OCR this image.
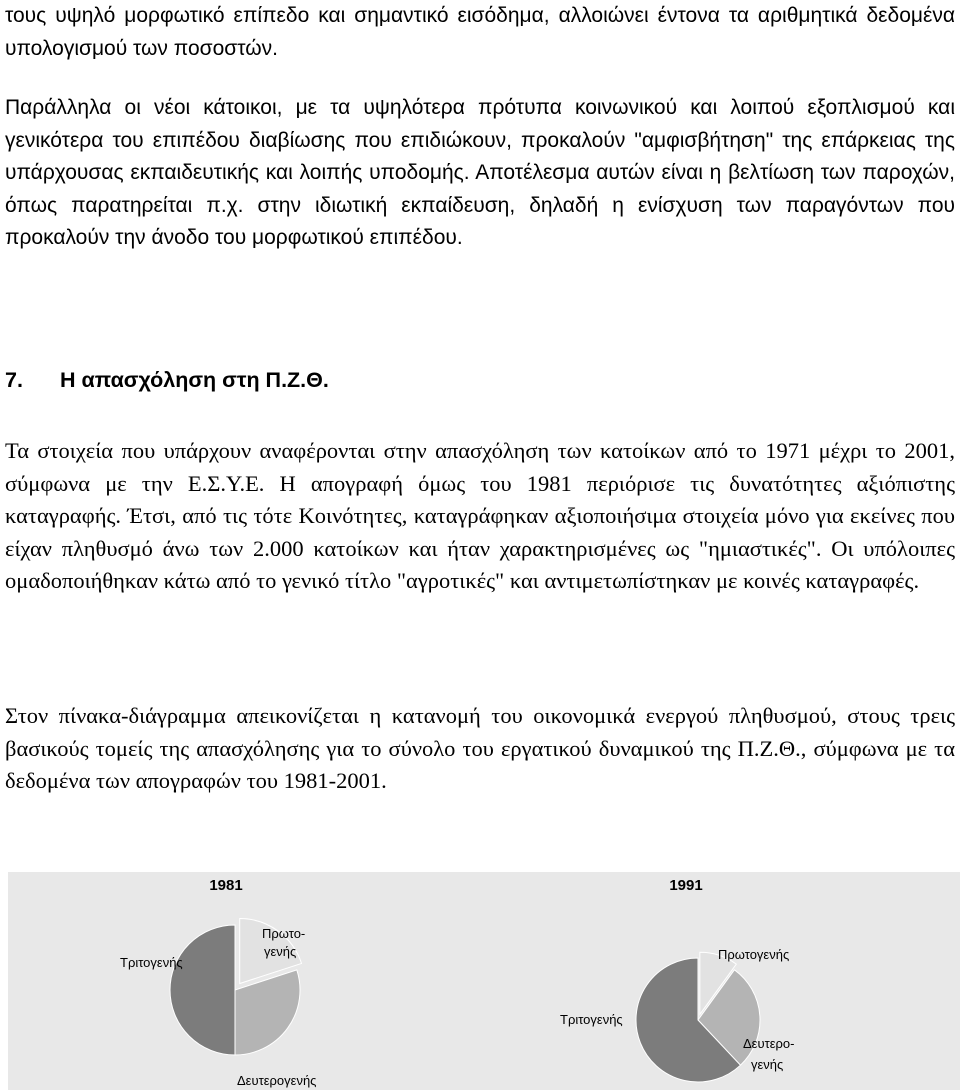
τους υψηλό μορφωτικό επίπεδο και σημαντικό εισόδημα, αλλοιώνει έντονα τα αριθμητικά δεδομένα υπολογισμού των ποσοστών.

Παράλληλα οι νέοι κάτοικοι, με τα υψηλότερα πρότυπα κοινωνικού και λοιπού εξοπλισμού και γενικότερα του επιπέδου διαβίωσης που επιδιώκουν, προκαλούν "αμφισβήτηση" της επάρκειας της υπάρχουσας εκπαιδευτικής και λοιπής υποδομής. Αποτέλεσμα αυτών είναι η βελτίωση των παροχών, όπως παρατηρείται π.χ. στην ιδιωτική εκπαίδευση, δηλαδή η ενίσχυση των παραγόντων που προκαλούν την άνοδο του μορφωτικού επιπέδου.

7. Η απασχόληση στη Π.Ζ.Θ.

Τα στοιχεία που υπάρχουν αναφέρονται στην απασχόληση των κατοίκων από το 1971 μέχρι το 2001, σύμφωνα με την Ε.Σ.Υ.Ε. Η απογραφή όμως του 1981 περιόρισε τις δυνατότητες αξιόπιστης καταγραφής. Έτσι, από τις τότε Κοινότητες, καταγράφηκαν αξιοποιήσιμα στοιχεία μόνο για εκείνες που είχαν πληθυσμό άνω των 2.000 κατοίκων και ήταν χαρακτηρισμένες ως "ημιαστικές". Οι υπόλοιπες ομαδοποιήθηκαν κάτω από το γενικό τίτλο "αγροτικές" και αντιμετωπίστηκαν με κοινές καταγραφές.

Στον πίνακα-διάγραμμα απεικονίζεται η κατανομή του οικονομικά ενεργού πληθυσμού, στους τρεις βασικούς τομείς της απασχόλησης για το σύνολο του εργατικού δυναμικού της Π.Ζ.Θ., σύμφωνα με τα δεδομένα των απογραφών του 1981-2001.

1981	1991
Τριτογενής
Πρωτο-
γενής
Δευτερογενής
Πρωτογενής
Τριτογενής
Δευτερο-
γενής
